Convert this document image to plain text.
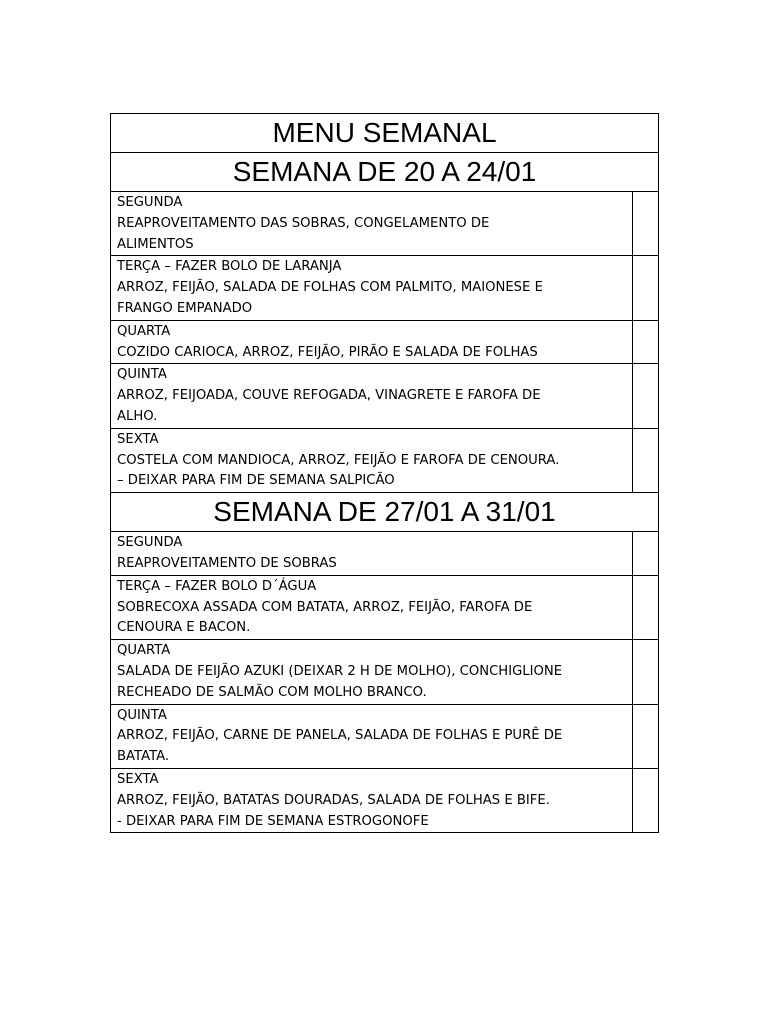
MENU SEMANAL	
SEMANA DE 20 A 24/01	

SEGUNDA
REAPROVEITAMENTO DAS SOBRAS, CONGELAMENTO DE
ALIMENTOS	

TERÇA – FAZER BOLO DE LARANJA
ARROZ, FEIJÃO, SALADA DE FOLHAS COM PALMITO, MAIONESE E
FRANGO EMPANADO	

QUARTA
COZIDO CARIOCA, ARROZ, FEIJÃO, PIRÃO E SALADA DE FOLHAS	

QUINTA
ARROZ, FEIJOADA, COUVE REFOGADA, VINAGRETE E FAROFA DE
ALHO.	

SEXTA
COSTELA COM MANDIOCA, ARROZ, FEIJÃO E FAROFA DE CENOURA.
– DEIXAR PARA FIM DE SEMANA SALPICÃO	

SEMANA DE 27/01 A 31/01	

SEGUNDA
REAPROVEITAMENTO DE SOBRAS	

TERÇA – FAZER BOLO D´ÁGUA
SOBRECOXA ASSADA COM BATATA, ARROZ, FEIJÃO, FAROFA DE
CENOURA E BACON.	

QUARTA
SALADA DE FEIJÃO AZUKI (DEIXAR 2 H DE MOLHO), CONCHIGLIONE
RECHEADO DE SALMÃO COM MOLHO BRANCO.	

QUINTA
ARROZ, FEIJÃO, CARNE DE PANELA, SALADA DE FOLHAS E PURÊ DE
BATATA.	

SEXTA
ARROZ, FEIJÃO, BATATAS DOURADAS, SALADA DE FOLHAS E BIFE.
- DEIXAR PARA FIM DE SEMANA ESTROGONOFE	
